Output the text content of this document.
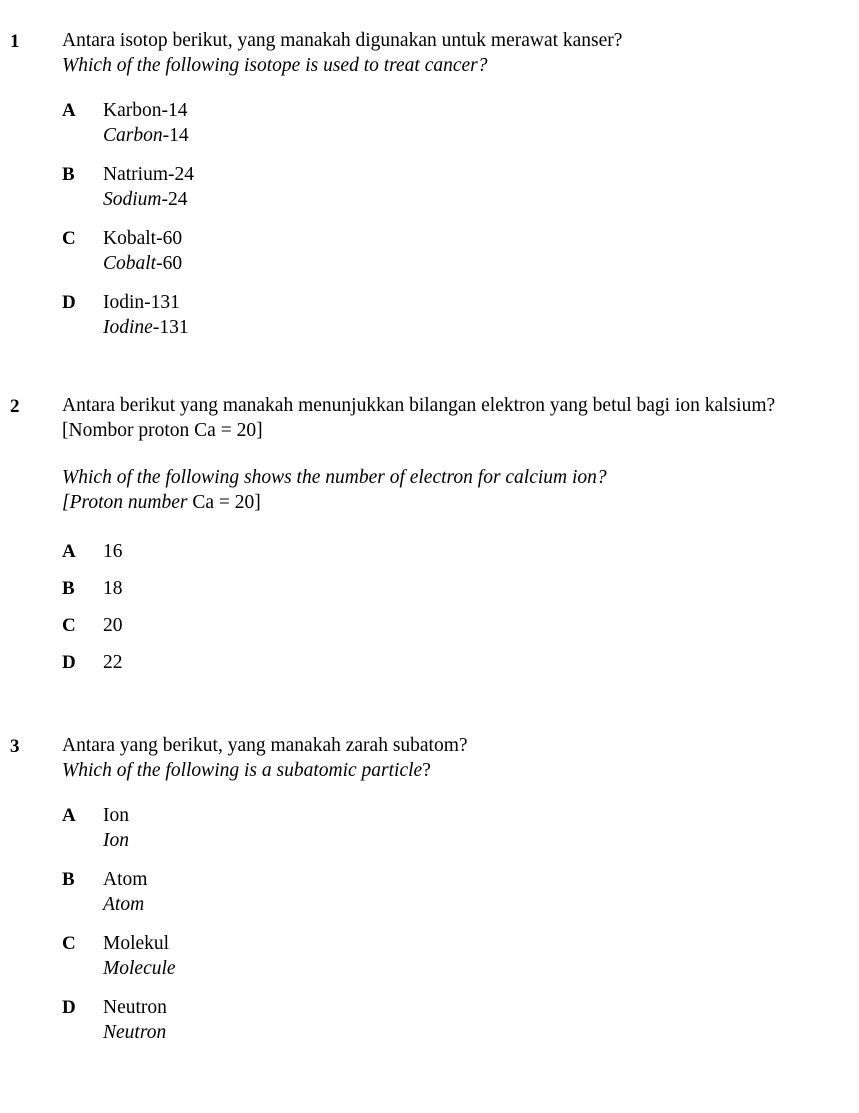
1	Antara isotop berikut, yang manakah digunakan untuk merawat kanser?
Which of the following isotope is used to treat cancer?
A	Karbon-14
Carbon-14
B	Natrium-24
Sodium-24
C	Kobalt-60
Cobalt-60
D	Iodin-131
Iodine-131
2	Antara berikut yang manakah menunjukkan bilangan elektron yang betul bagi ion kalsium?
[Nombor proton Ca = 20]
Which of the following shows the number of electron for calcium ion?
[Proton number Ca = 20]
A	16
B	18
C	20
D	22
3	Antara yang berikut, yang manakah zarah subatom?
Which of the following is a subatomic particle?
A	Ion
Ion
B	Atom
Atom
C	Molekul
Molecule
D	Neutron
Neutron
